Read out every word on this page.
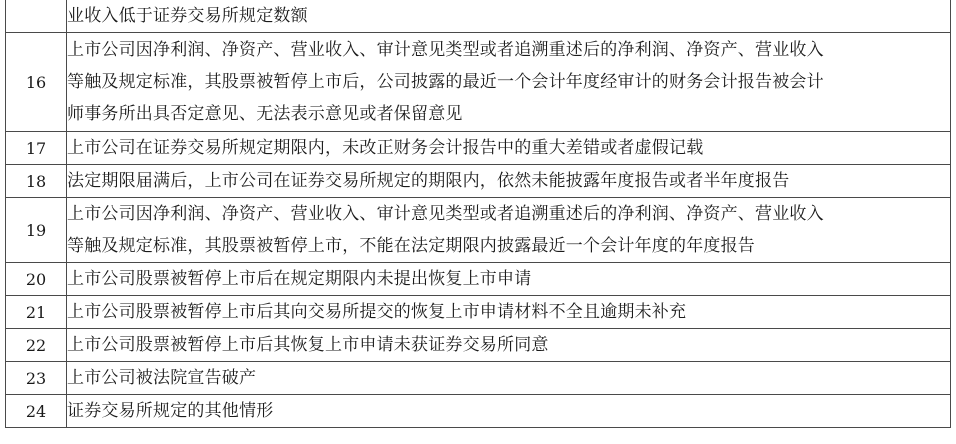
	业收入低于证券交易所规定数额
16	上市公司因净利润、净资产、营业收入、审计意见类型或者追溯重述后的净利润、净资产、营业收入
等触及规定标准，其股票被暂停上市后，公司披露的最近一个会计年度经审计的财务会计报告被会计
师事务所出具否定意见、无法表示意见或者保留意见
17	上市公司在证券交易所规定期限内，未改正财务会计报告中的重大差错或者虚假记载
18	法定期限届满后，上市公司在证券交易所规定的期限内，依然未能披露年度报告或者半年度报告
19	上市公司因净利润、净资产、营业收入、审计意见类型或者追溯重述后的净利润、净资产、营业收入
等触及规定标准，其股票被暂停上市，不能在法定期限内披露最近一个会计年度的年度报告
20	上市公司股票被暂停上市后在规定期限内未提出恢复上市申请
21	上市公司股票被暂停上市后其向交易所提交的恢复上市申请材料不全且逾期未补充
22	上市公司股票被暂停上市后其恢复上市申请未获证券交易所同意
23	上市公司被法院宣告破产
24	证券交易所规定的其他情形
